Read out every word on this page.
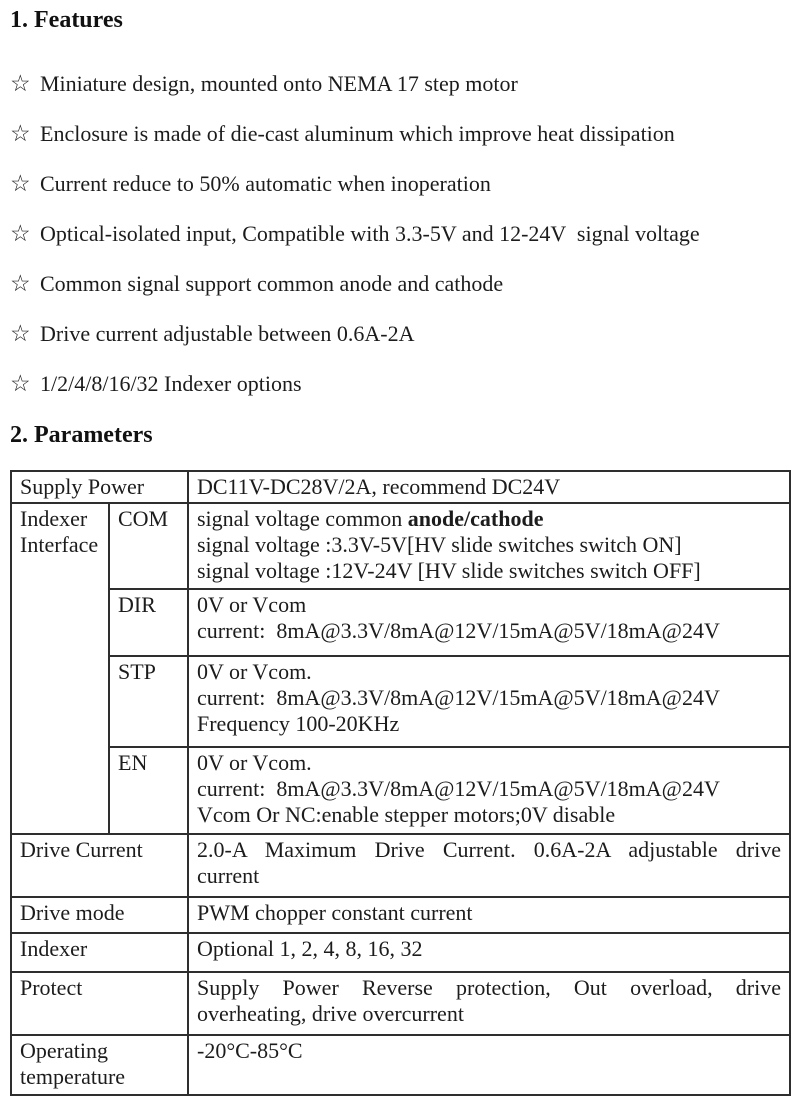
1. Features
☆ Miniature design, mounted onto NEMA 17 step motor
☆ Enclosure is made of die-cast aluminum which improve heat dissipation
☆ Current reduce to 50% automatic when inoperation
☆ Optical-isolated input, Compatible with 3.3-5V and 12-24V  signal voltage
☆ Common signal support common anode and cathode
☆ Drive current adjustable between 0.6A-2A
☆ 1/2/4/8/16/32 Indexer options
2. Parameters
Supply Power		DC11V-DC28V/2A, recommend DC24V
Indexer Interface	COM	signal voltage common anode/cathode
signal voltage :3.3V-5V[HV slide switches switch ON]
signal voltage :12V-24V [HV slide switches switch OFF]

	DIR	0V or Vcom
current:  8mA@3.3V/8mA@12V/15mA@5V/18mA@24V

	STP	0V or Vcom.
current:  8mA@3.3V/8mA@12V/15mA@5V/18mA@24V
Frequency 100-20KHz

	EN	0V or Vcom.
current:  8mA@3.3V/8mA@12V/15mA@5V/18mA@24V
Vcom Or NC:enable stepper motors;0V disable

Drive Current		2.0-A Maximum Drive Current. 0.6A-2A adjustable drive
current

Drive mode		PWM chopper constant current
Indexer		Optional 1, 2, 4, 8, 16, 32
Protect		Supply Power Reverse protection, Out overload, drive
overheating, drive overcurrent

Operating temperature		-20°C-85°C
